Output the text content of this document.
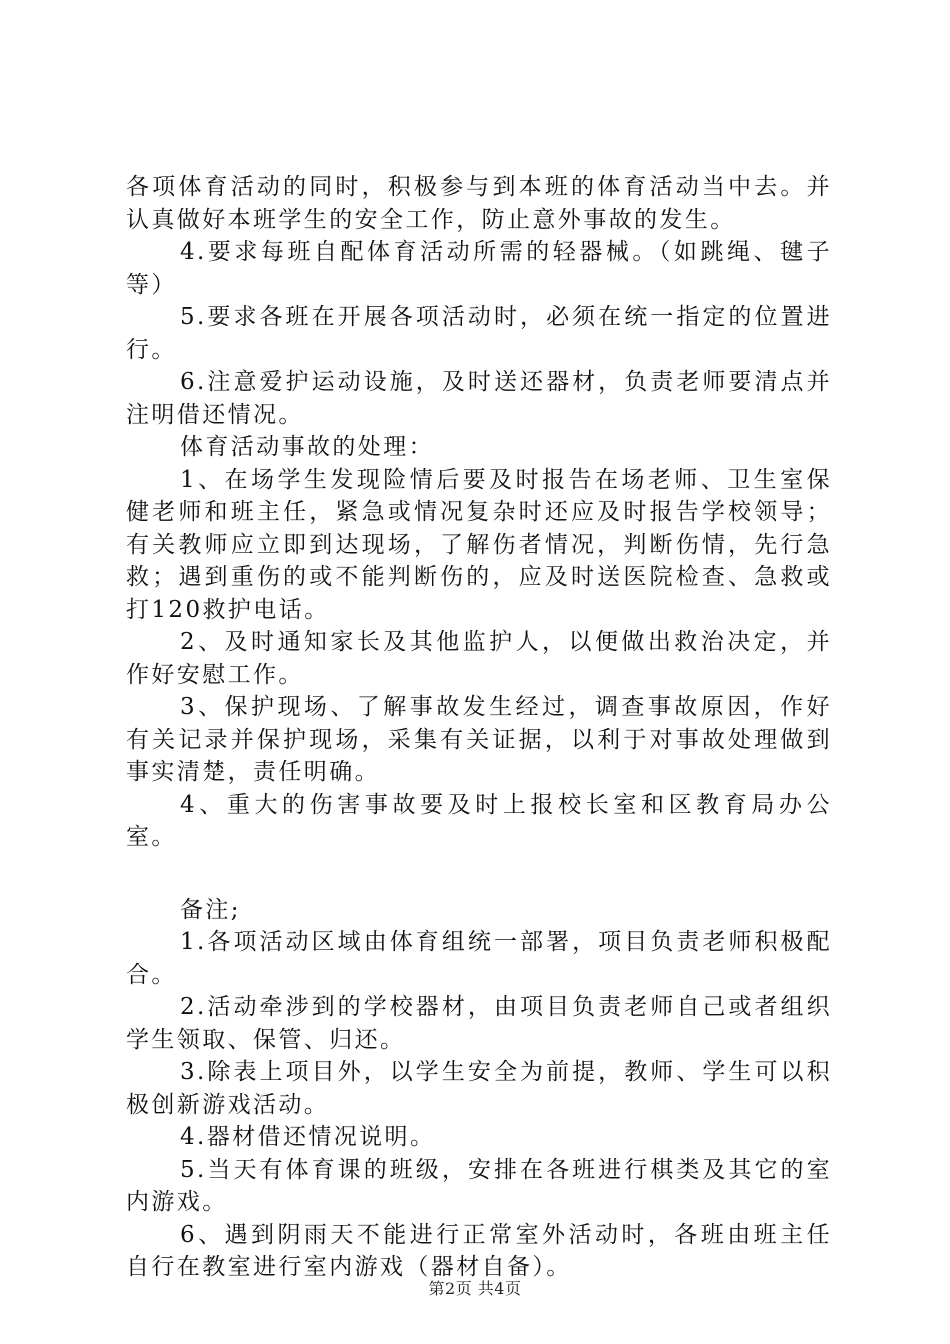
各项体育活动的同时，积极参与到本班的体育活动当中去。并认真做好本班学生的安全工作，防止意外事故的发生。

4.要求每班自配体育活动所需的轻器械。（如跳绳、毽子等）

5.要求各班在开展各项活动时，必须在统一指定的位置进行。

6.注意爱护运动设施，及时送还器材，负责老师要清点并注明借还情况。

体育活动事故的处理：

1、在场学生发现险情后要及时报告在场老师、卫生室保健老师和班主任，紧急或情况复杂时还应及时报告学校领导；有关教师应立即到达现场，了解伤者情况，判断伤情，先行急救；遇到重伤的或不能判断伤的，应及时送医院检查、急救或打120救护电话。

2、及时通知家长及其他监护人，以便做出救治决定，并作好安慰工作。

3、保护现场、了解事故发生经过，调查事故原因，作好有关记录并保护现场，采集有关证据，以利于对事故处理做到事实清楚，责任明确。

4、重大的伤害事故要及时上报校长室和区教育局办公室。

备注;

1.各项活动区域由体育组统一部署，项目负责老师积极配合。

2.活动牵涉到的学校器材，由项目负责老师自己或者组织学生领取、保管、归还。

3.除表上项目外，以学生安全为前提，教师、学生可以积极创新游戏活动。

4.器材借还情况说明。

5.当天有体育课的班级，安排在各班进行棋类及其它的室内游戏。

6、遇到阴雨天不能进行正常室外活动时，各班由班主任自行在教室进行室内游戏（器材自备）。

第2页 共4页
